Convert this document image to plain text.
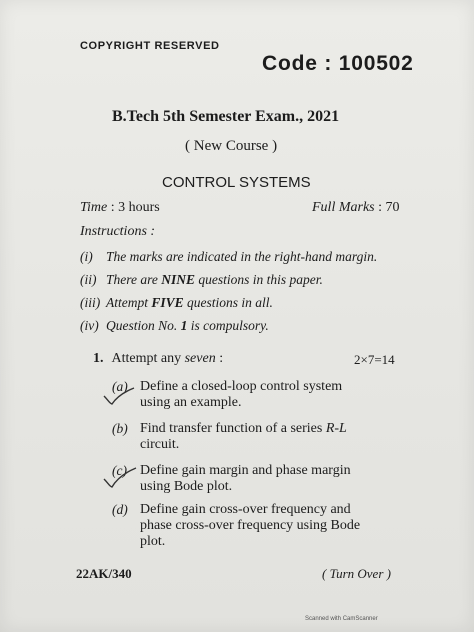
COPYRIGHT RESERVED
Code : 100502
B.Tech 5th Semester Exam., 2021
( New Course )
CONTROL SYSTEMS
Time : 3 hours	Full Marks : 70
Instructions :
(i) The marks are indicated in the right-hand margin.
(ii) There are NINE questions in this paper.
(iii) Attempt FIVE questions in all.
(iv) Question No. 1 is compulsory.
1. Attempt any seven :	2×7=14
(a) Define a closed-loop control system
using an example.
(b) Find transfer function of a series R-L
circuit.
(c) Define gain margin and phase margin
using Bode plot.
(d) Define gain cross-over frequency and
phase cross-over frequency using Bode
plot.
22AK/340	( Turn Over )
Scanned with CamScanner
